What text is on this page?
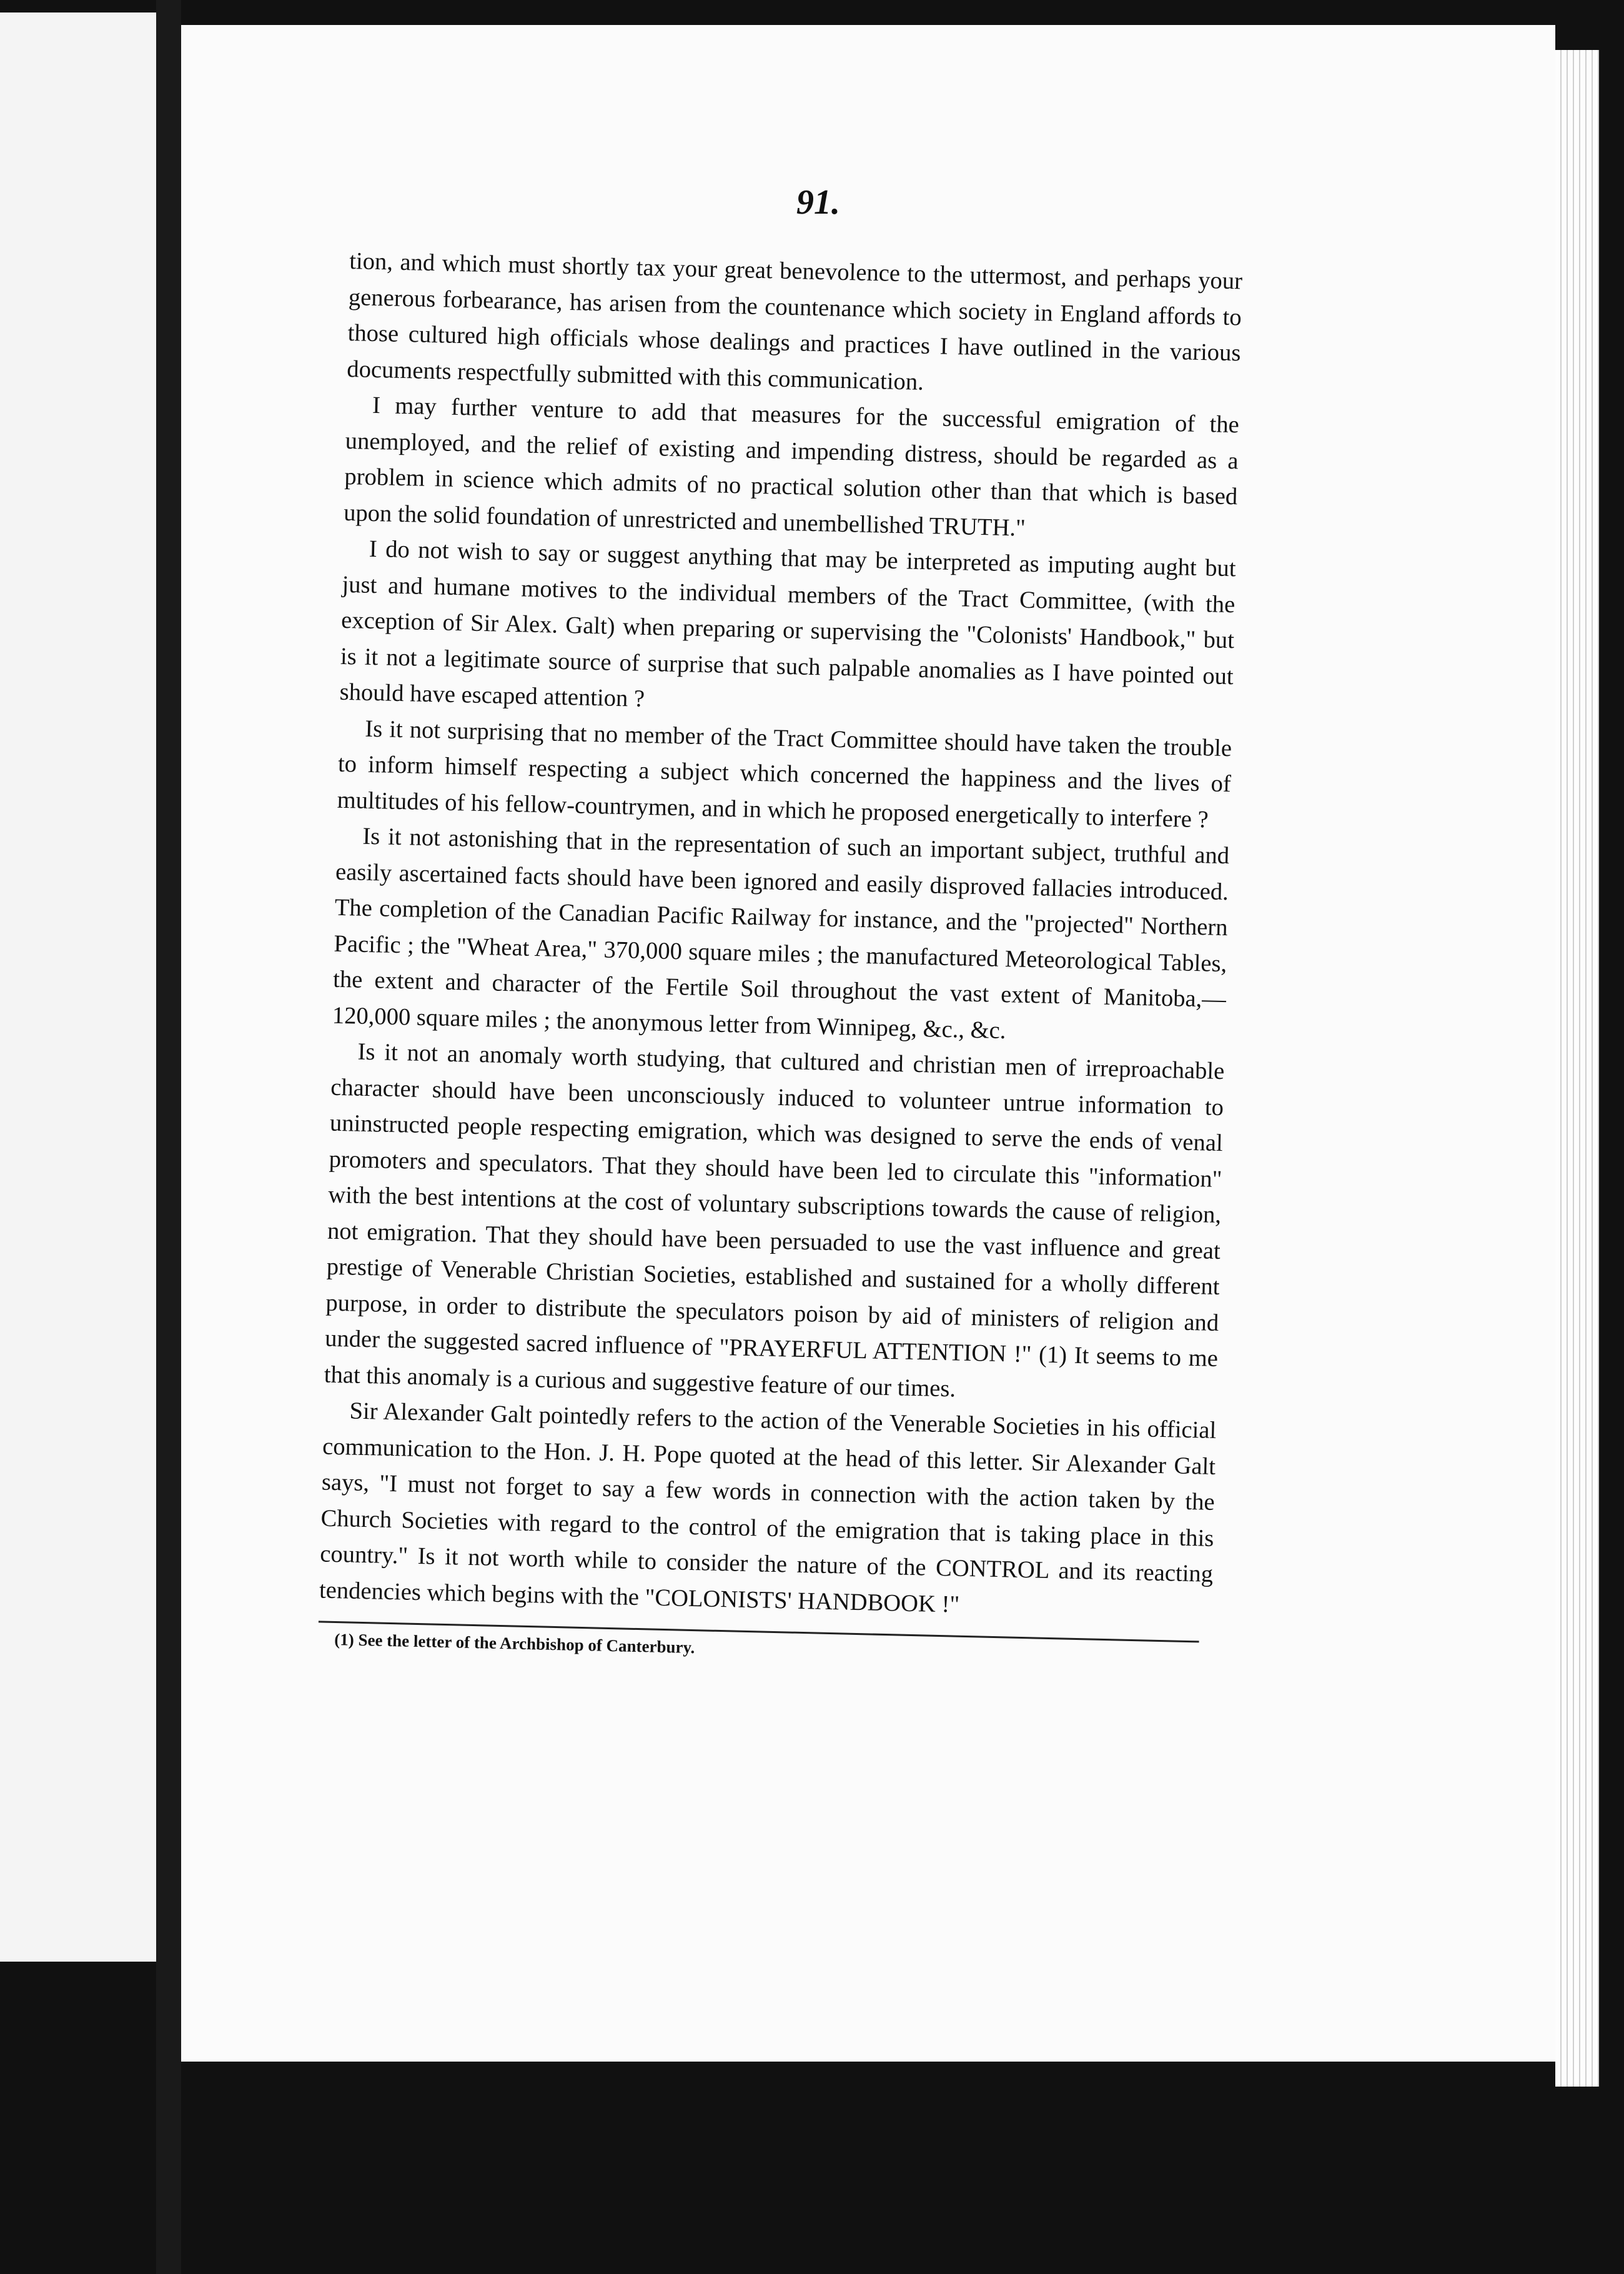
91.

tion, and which must shortly tax your great benevolence to the uttermost, and perhaps your generous forbearance, has arisen from the countenance which society in England affords to those cultured high officials whose dealings and practices I have outlined in the various documents respectfully submitted with this communication.

I may further venture to add that measures for the successful emigration of the unemployed, and the relief of existing and impending distress, should be regarded as a problem in science which admits of no practical solution other than that which is based upon the solid foundation of unrestricted and unembellished TRUTH."

I do not wish to say or suggest anything that may be interpreted as imputing aught but just and humane motives to the individual members of the Tract Committee, (with the exception of Sir Alex. Galt) when preparing or supervising the "Colonists' Handbook," but is it not a legitimate source of surprise that such palpable anomalies as I have pointed out should have escaped attention ?

Is it not surprising that no member of the Tract Committee should have taken the trouble to inform himself respecting a subject which concerned the happiness and the lives of multitudes of his fellow-countrymen, and in which he proposed energetically to interfere ?

Is it not astonishing that in the representation of such an important subject, truthful and easily ascertained facts should have been ignored and easily disproved fallacies introduced. The completion of the Canadian Pacific Railway for instance, and the "projected" Northern Pacific ; the "Wheat Area," 370,000 square miles ; the manufactured Meteorological Tables, the extent and character of the Fertile Soil throughout the vast extent of Manitoba,—120,000 square miles ; the anonymous letter from Winnipeg, &c., &c.

Is it not an anomaly worth studying, that cultured and christian men of irreproachable character should have been unconsciously induced to volunteer untrue information to uninstructed people respecting emigration, which was designed to serve the ends of venal promoters and speculators. That they should have been led to circulate this "information" with the best intentions at the cost of voluntary subscriptions towards the cause of religion, not emigration. That they should have been persuaded to use the vast influence and great prestige of Venerable Christian Societies, established and sustained for a wholly different purpose, in order to distribute the speculators poison by aid of ministers of religion and under the suggested sacred influence of "PRAYERFUL ATTENTION !" (1) It seems to me that this anomaly is a curious and suggestive feature of our times.

Sir Alexander Galt pointedly refers to the action of the Venerable Societies in his official communication to the Hon. J. H. Pope quoted at the head of this letter. Sir Alexander Galt says, "I must not forget to say a few words in connection with the action taken by the Church Societies with regard to the control of the emigration that is taking place in this country." Is it not worth while to consider the nature of the CONTROL and its reacting tendencies which begins with the "COLONISTS' HANDBOOK !"

(1) See the letter of the Archbishop of Canterbury.
